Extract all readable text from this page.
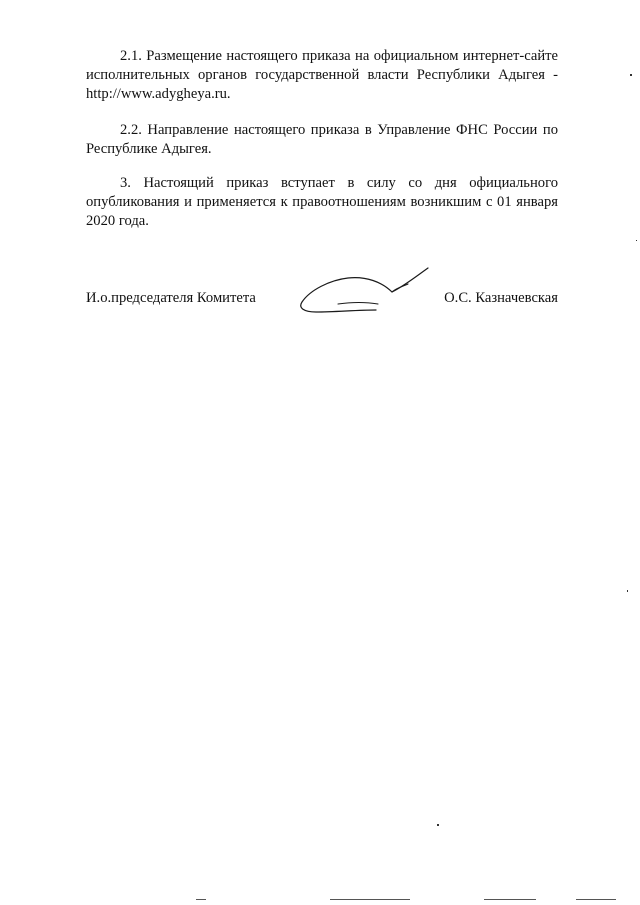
2.1. Размещение настоящего приказа на официальном интернет-сайте исполнительных органов государственной власти Республики Адыгея - http://www.adygheya.ru.

2.2. Направление настоящего приказа в Управление ФНС России по Республике Адыгея.

3. Настоящий приказ вступает в силу со дня официального опубликования и применяется к правоотношениям возникшим с 01 января 2020 года.

И.о.председателя Комитета	О.С. Казначевская
